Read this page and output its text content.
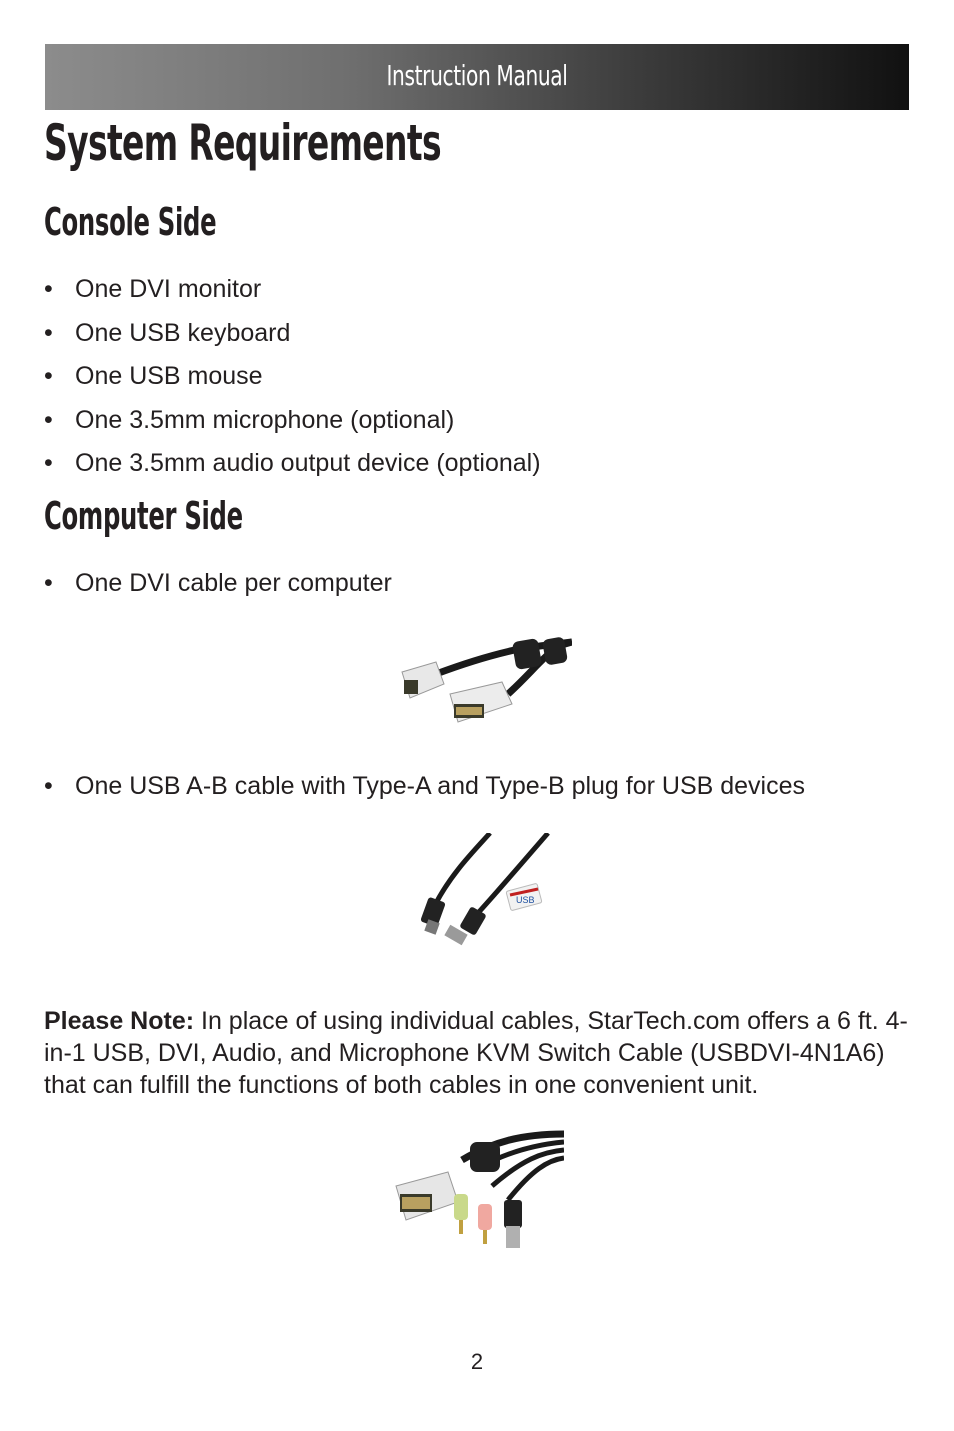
Instruction Manual
System Requirements
Console Side
• One DVI monitor
• One USB keyboard
• One USB mouse
• One 3.5mm microphone (optional)
• One 3.5mm audio output device (optional)
Computer Side
• One DVI cable per computer
• One USB A-B cable with Type-A and Type-B plug for USB devices
USB

Please Note: In place of using individual cables, StarTech.com offers a 6 ft. 4-in-1 USB, DVI, Audio, and Microphone KVM Switch Cable (USBDVI-4N1A6) that can fulfill the functions of both cables in one convenient unit.

2
